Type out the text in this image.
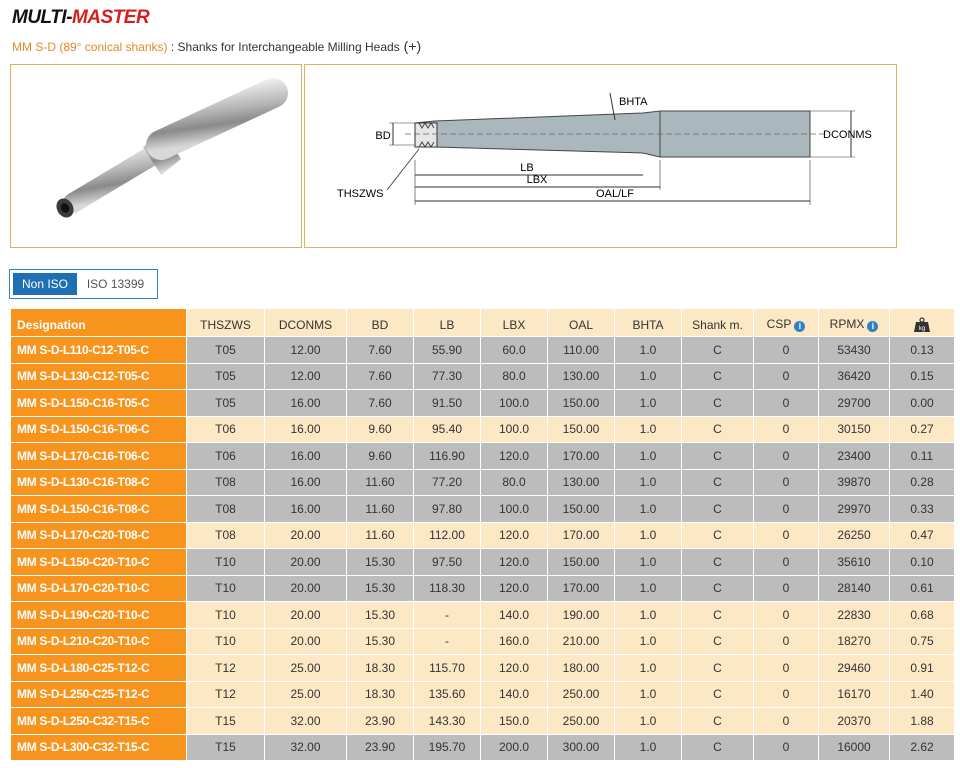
MULTI-MASTER
MM S-D (89° conical shanks) : Shanks for Interchangeable Milling Heads (+)
BD	DCONMS
BHTA
LB
LBX
OAL/LF
THSZWS
Non ISO	ISO 13399
Designation	THSZWS	DCONMS	BD	LB	LBX	OAL	BHTA	Shank m.	CSP i	RPMX i	kg

MM S-D-L110-C12-T05-C	T05	12.00	7.60	55.90	60.0	110.00	1.0	C	0	53430	0.13
MM S-D-L130-C12-T05-C	T05	12.00	7.60	77.30	80.0	130.00	1.0	C	0	36420	0.15
MM S-D-L150-C16-T05-C	T05	16.00	7.60	91.50	100.0	150.00	1.0	C	0	29700	0.00
MM S-D-L150-C16-T06-C	T06	16.00	9.60	95.40	100.0	150.00	1.0	C	0	30150	0.27
MM S-D-L170-C16-T06-C	T06	16.00	9.60	116.90	120.0	170.00	1.0	C	0	23400	0.11
MM S-D-L130-C16-T08-C	T08	16.00	11.60	77.20	80.0	130.00	1.0	C	0	39870	0.28
MM S-D-L150-C16-T08-C	T08	16.00	11.60	97.80	100.0	150.00	1.0	C	0	29970	0.33
MM S-D-L170-C20-T08-C	T08	20.00	11.60	112.00	120.0	170.00	1.0	C	0	26250	0.47
MM S-D-L150-C20-T10-C	T10	20.00	15.30	97.50	120.0	150.00	1.0	C	0	35610	0.10
MM S-D-L170-C20-T10-C	T10	20.00	15.30	118.30	120.0	170.00	1.0	C	0	28140	0.61
MM S-D-L190-C20-T10-C	T10	20.00	15.30	-	140.0	190.00	1.0	C	0	22830	0.68
MM S-D-L210-C20-T10-C	T10	20.00	15.30	-	160.0	210.00	1.0	C	0	18270	0.75
MM S-D-L180-C25-T12-C	T12	25.00	18.30	115.70	120.0	180.00	1.0	C	0	29460	0.91
MM S-D-L250-C25-T12-C	T12	25.00	18.30	135.60	140.0	250.00	1.0	C	0	16170	1.40
MM S-D-L250-C32-T15-C	T15	32.00	23.90	143.30	150.0	250.00	1.0	C	0	20370	1.88
MM S-D-L300-C32-T15-C	T15	32.00	23.90	195.70	200.0	300.00	1.0	C	0	16000	2.62
